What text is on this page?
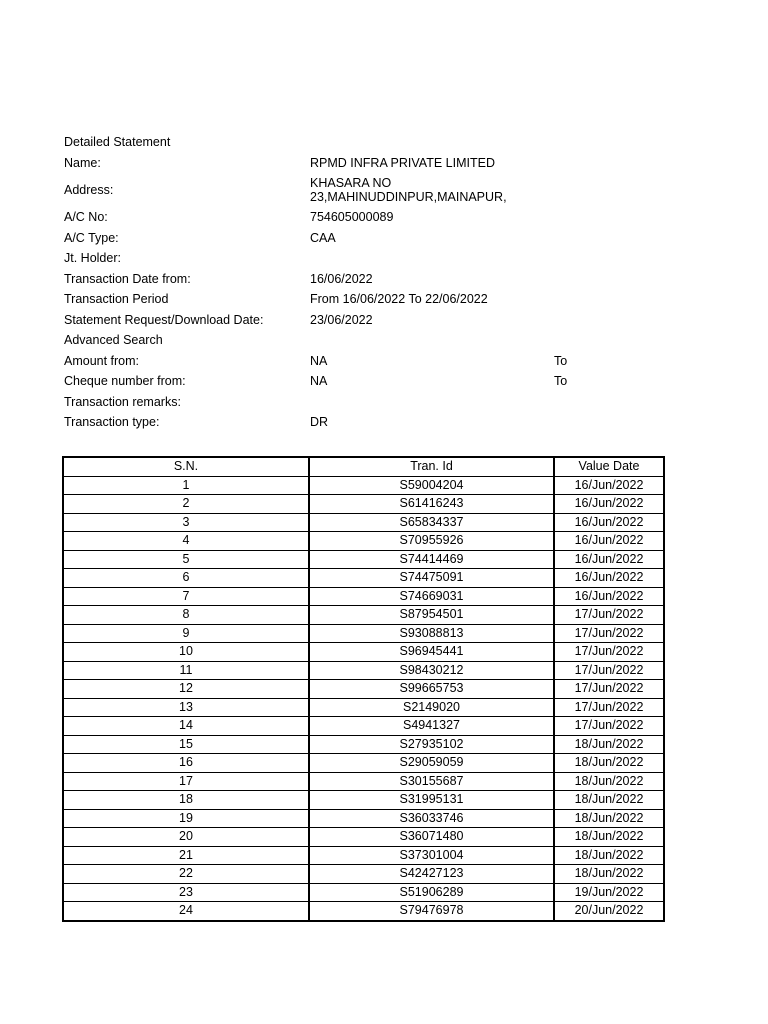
Detailed Statement
Name:	RPMD INFRA PRIVATE LIMITED
Address:	KHASARA NO
23,MAHINUDDINPUR,MAINAPUR,
A/C No:	754605000089
A/C Type:	CAA
Jt. Holder:
Transaction Date from:	16/06/2022
Transaction Period	From 16/06/2022 To 22/06/2022
Statement Request/Download Date:	23/06/2022
Advanced Search
Amount from:	NA	To
Cheque number from:	NA	To
Transaction remarks:
Transaction type:	DR
S.N.	Tran. Id	Value Date
1	S59004204	16/Jun/2022
2	S61416243	16/Jun/2022
3	S65834337	16/Jun/2022
4	S70955926	16/Jun/2022
5	S74414469	16/Jun/2022
6	S74475091	16/Jun/2022
7	S74669031	16/Jun/2022
8	S87954501	17/Jun/2022
9	S93088813	17/Jun/2022
10	S96945441	17/Jun/2022
11	S98430212	17/Jun/2022
12	S99665753	17/Jun/2022
13	S2149020	17/Jun/2022
14	S4941327	17/Jun/2022
15	S27935102	18/Jun/2022
16	S29059059	18/Jun/2022
17	S30155687	18/Jun/2022
18	S31995131	18/Jun/2022
19	S36033746	18/Jun/2022
20	S36071480	18/Jun/2022
21	S37301004	18/Jun/2022
22	S42427123	18/Jun/2022
23	S51906289	19/Jun/2022
24	S79476978	20/Jun/2022
